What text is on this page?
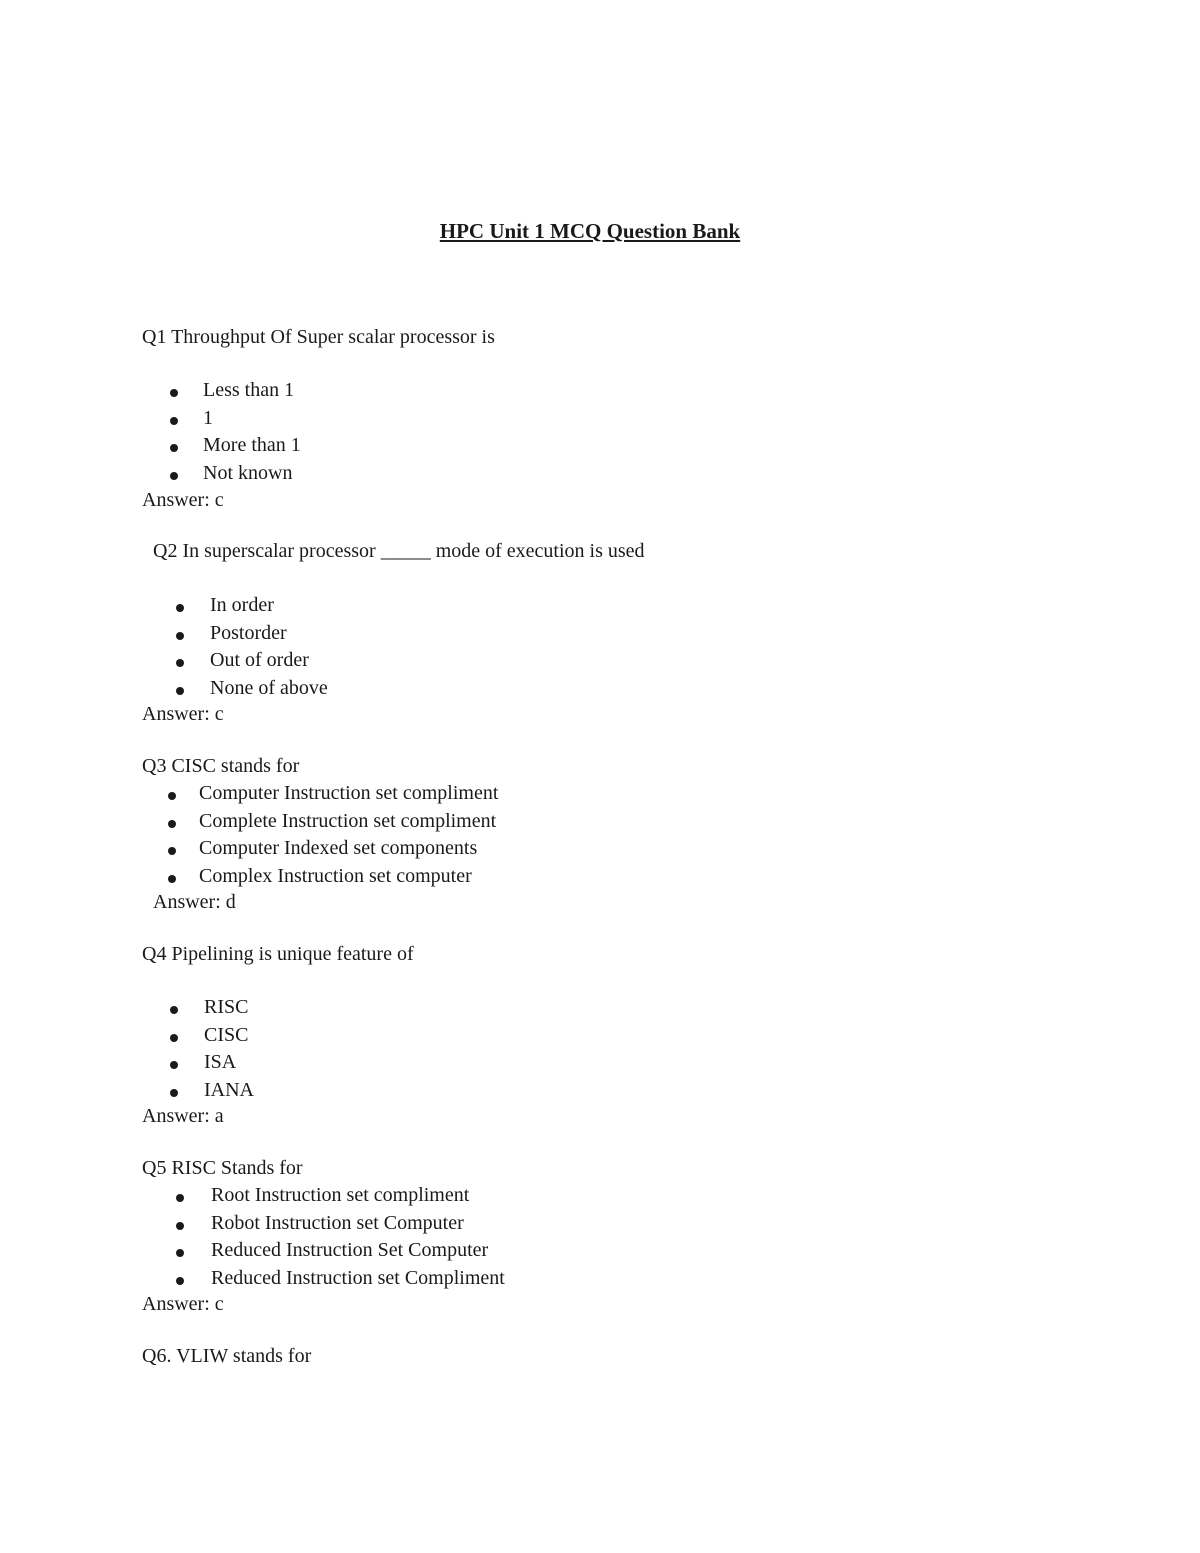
HPC Unit 1 MCQ Question Bank
Q1 Throughput Of Super scalar processor is
Less than 1
1
More than 1
Not known
Answer: c
Q2 In superscalar processor _____ mode of execution is used
In order
Postorder
Out of order
None of above
Answer: c
Q3 CISC stands for
Computer Instruction set compliment
Complete Instruction set compliment
Computer Indexed set components
Complex Instruction set computer
Answer: d
Q4 Pipelining is unique feature of
RISC
CISC
ISA
IANA
Answer: a
Q5 RISC Stands for
Root Instruction set compliment
Robot Instruction set Computer
Reduced Instruction Set Computer
Reduced Instruction set Compliment
Answer: c
Q6. VLIW stands for
